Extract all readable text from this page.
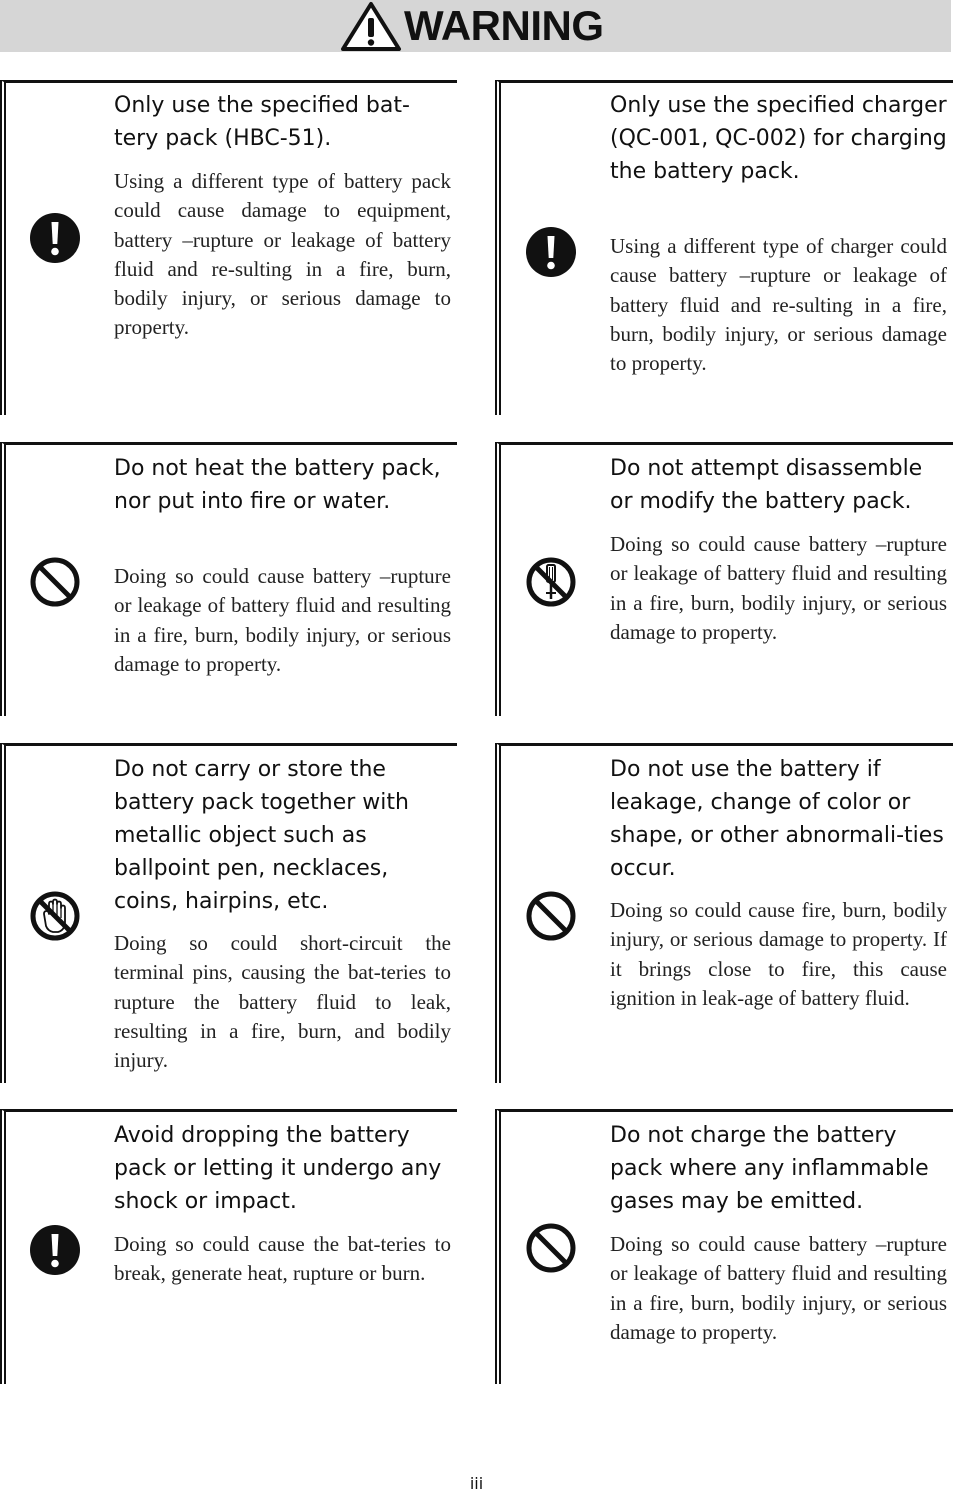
WARNING
Only use the specified bat-tery pack (HBC-51).

Using a different type of battery pack could cause damage to equipment, battery –rupture or leakage of battery fluid and re-sulting in a fire, burn, bodily injury, or serious damage to property.

Only use the specified charger (QC-001, QC-002) for charging the battery pack.

Using a different type of charger could cause battery –rupture or leakage of battery fluid and re-sulting in a fire, burn, bodily injury, or serious damage to property.

Do not heat the battery pack, nor put into fire or water.

Doing so could cause battery –rupture or leakage of battery fluid and resulting in a fire, burn, bodily injury, or serious damage to property.

Do not attempt disassemble or modify the battery pack.

Doing so could cause battery –rupture or leakage of battery fluid and resulting in a fire, burn, bodily injury, or serious damage to property.

Do not carry or store the battery pack together with metallic object such as ballpoint pen, necklaces, coins, hairpins, etc.

Doing so could short-circuit the terminal pins, causing the bat-teries to rupture the battery fluid to leak, resulting in a fire, burn, and bodily injury.

Do not use the battery if leakage, change of color or shape, or other abnormali-ties occur.

Doing so could cause fire, burn, bodily injury, or serious damage to property. If it brings close to fire, this cause ignition in leak-age of battery fluid.

Avoid dropping the battery pack or letting it undergo any shock or impact.

Doing so could cause the bat-teries to break, generate heat, rupture or burn.

Do not charge the battery pack where any inflammable gases may be emitted.

Doing so could cause battery –rupture or leakage of battery fluid and resulting in a fire, burn, bodily injury, or serious damage to property.

iii
